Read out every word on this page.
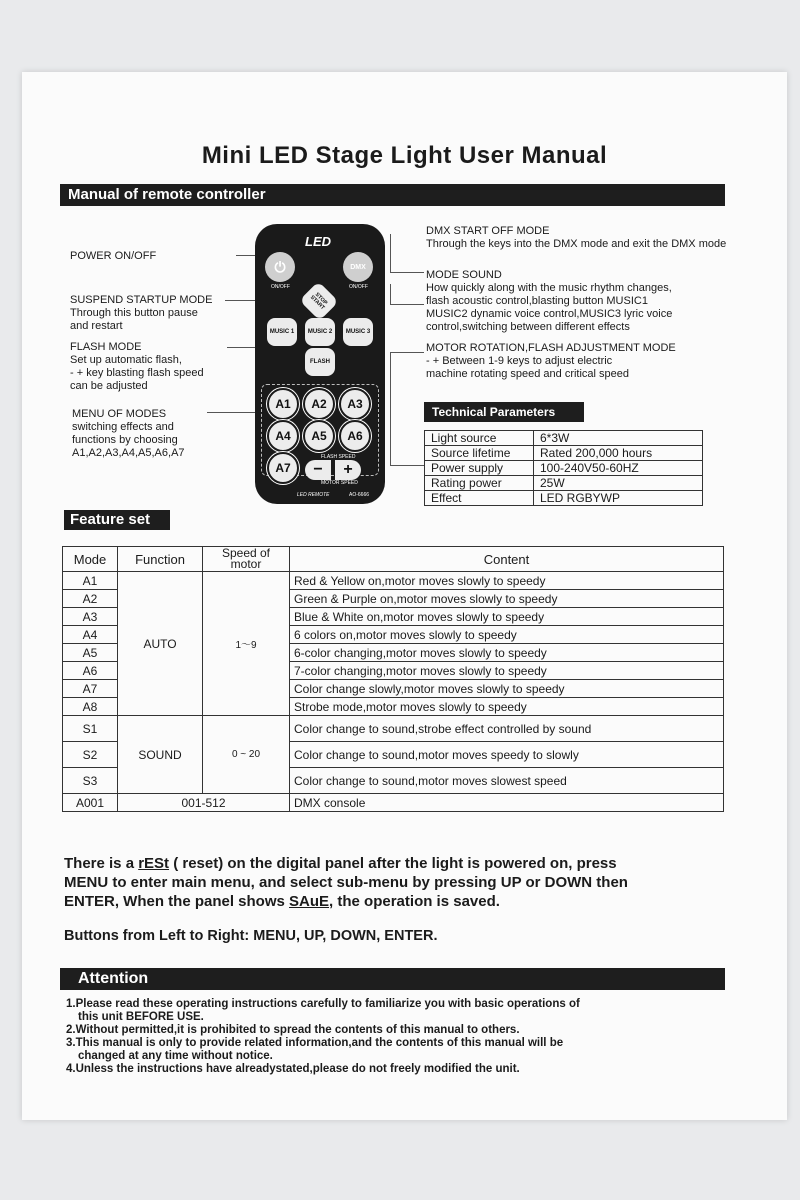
Mini LED Stage Light User Manual
Manual of remote controller
POWER ON/OFF
SUSPEND STARTUP MODE
Through this button pause
and restart
FLASH MODE
Set up automatic flash,
- + key blasting flash speed
can be adjusted
MENU OF MODES
switching effects and
functions by choosing
A1,A2,A3,A4,A5,A6,A7
LED
⏻
ON/OFF
DMX
ON/OFF
STOP START
MUSIC 1	MUSIC 2	MUSIC 3
FLASH
A1	A2	A3
A4	A5	A6
A7
FLASH SPEED
−	+
MOTOR SPEED
LED REMOTE	AO-6666
DMX START OFF MODE
Through the keys into the DMX mode and exit the DMX mode
MODE SOUND
How quickly along with the music rhythm changes,
flash acoustic control,blasting button MUSIC1
MUSIC2 dynamic voice control,MUSIC3 lyric voice
control,switching between different effects
MOTOR ROTATION,FLASH ADJUSTMENT MODE
- + Between 1-9 keys to adjust electric
machine rotating speed and critical speed
Technical Parameters
Light source	6*3W
Source lifetime	Rated 200,000 hours
Power supply	100-240V50-60HZ
Rating power	25W
Effect	LED RGBYWP
Feature set
Mode	Function	Speed of motor	Content
A1	AUTO	1～9	Red & Yellow on,motor moves slowly to speedy
A2			Green & Purple on,motor moves slowly to speedy
A3			Blue & White on,motor moves slowly to speedy
A4			6 colors on,motor moves slowly to speedy
A5			6-color changing,motor moves slowly to speedy
A6			7-color changing,motor moves slowly to speedy
A7			Color change slowly,motor moves slowly to speedy
A8			Strobe mode,motor moves slowly to speedy
S1	SOUND	0 ~ 20	Color change to sound,strobe effect controlled by sound
S2			Color change to sound,motor moves speedy to slowly
S3			Color change to sound,motor moves slowest speed
A001	001-512		DMX console
There is a rESt ( reset) on the digital panel after the light is powered on, press
MENU to enter main menu, and select sub-menu by pressing UP or DOWN then
ENTER, When the panel shows SAuE, the operation is saved.
Buttons from Left to Right: MENU, UP, DOWN, ENTER.
Attention
1.Please read these operating instructions carefully to familiarize you with basic operations of
this unit BEFORE USE.
2.Without permitted,it is prohibited to spread the contents of this manual to others.
3.This manual is only to provide related information,and the contents of this manual will be
changed at any time without notice.
4.Unless the instructions have alreadystated,please do not freely modified the unit.
